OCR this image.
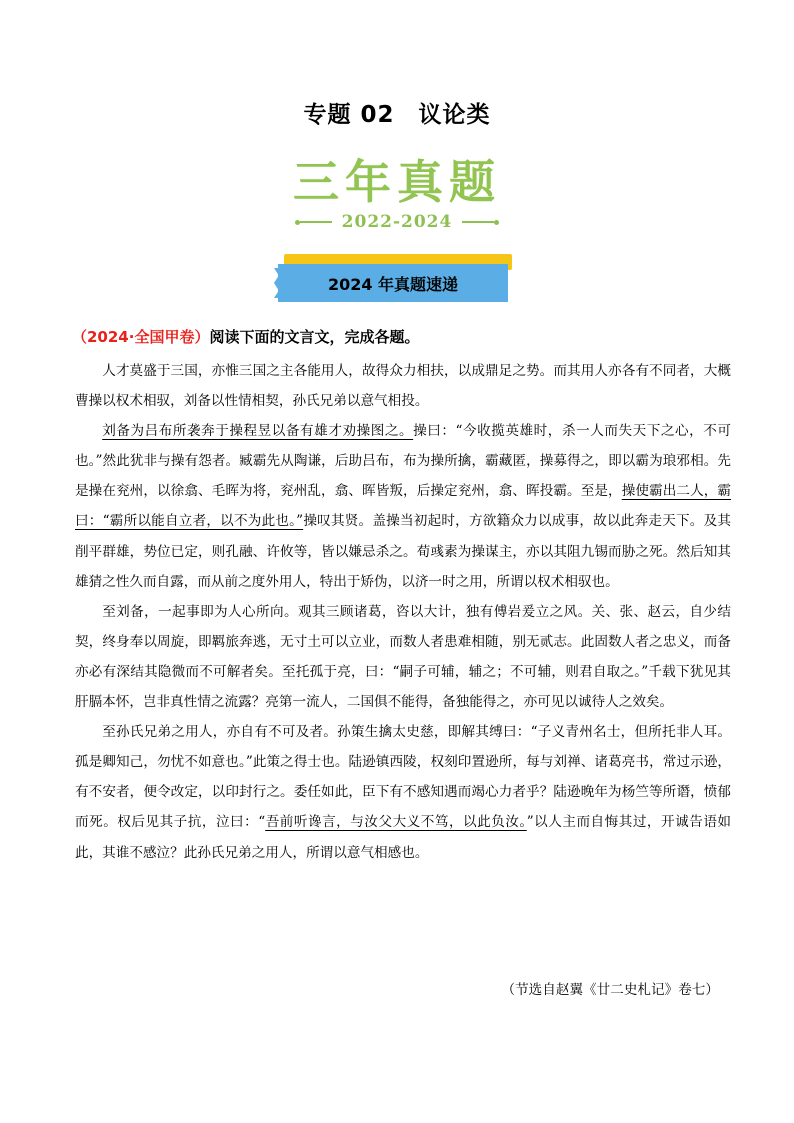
专题 02　议论类
三年真题
2022-2024
2024 年真题速递
（2024·全国甲卷）阅读下面的文言文，完成各题。

人才莫盛于三国，亦惟三国之主各能用人，故得众力相扶，以成鼎足之势。而其用人亦各有不同者，大概曹操以权术相驭，刘备以性情相契，孙氏兄弟以意气相投。

刘备为吕布所袭奔于操程昱以备有雄才劝操图之。操曰：“今收揽英雄时，杀一人而失天下之心，不可也。”然此犹非与操有怨者。臧霸先从陶谦，后助吕布，布为操所擒，霸藏匿，操募得之，即以霸为琅邪相。先是操在兖州，以徐翕、毛晖为将，兖州乱，翕、晖皆叛，后操定兖州，翕、晖投霸。至是，操使霸出二人，霸曰：“霸所以能自立者，以不为此也。”操叹其贤。盖操当初起时，方欲籍众力以成事，故以此奔走天下。及其削平群雄，势位已定，则孔融、许攸等，皆以嫌忌杀之。荀彧素为操谋主，亦以其阻九锡而胁之死。然后知其雄猜之性久而自露，而从前之度外用人，特出于矫伪，以济一时之用，所谓以权术相驭也。

至刘备，一起事即为人心所向。观其三顾诸葛，咨以大计，独有傅岩爰立之风。关、张、赵云，自少结契，终身奉以周旋，即羁旅奔逃，无寸土可以立业，而数人者患难相随，别无贰志。此固数人者之忠义，而备亦必有深结其隐微而不可解者矣。至托孤于亮，曰：“嗣子可辅，辅之；不可辅，则君自取之。”千载下犹见其肝膈本怀，岂非真性情之流露？亮第一流人，二国俱不能得，备独能得之，亦可见以诚待人之效矣。

至孙氏兄弟之用人，亦自有不可及者。孙策生擒太史慈，即解其缚曰：“子义青州名士，但所托非人耳。孤是卿知己，勿忧不如意也。”此策之得士也。陆逊镇西陵，权刻印置逊所，每与刘禅、诸葛亮书，常过示逊，有不安者，便令改定，以印封行之。委任如此，臣下有不感知遇而竭心力者乎？陆逊晚年为杨竺等所谮，愤郁而死。权后见其子抗，泣曰：“吾前听谗言，与汝父大义不笃，以此负汝。”以人主而自悔其过，开诚告语如此，其谁不感泣？此孙氏兄弟之用人，所谓以意气相感也。

（节选自赵翼《廿二史札记》卷七）
